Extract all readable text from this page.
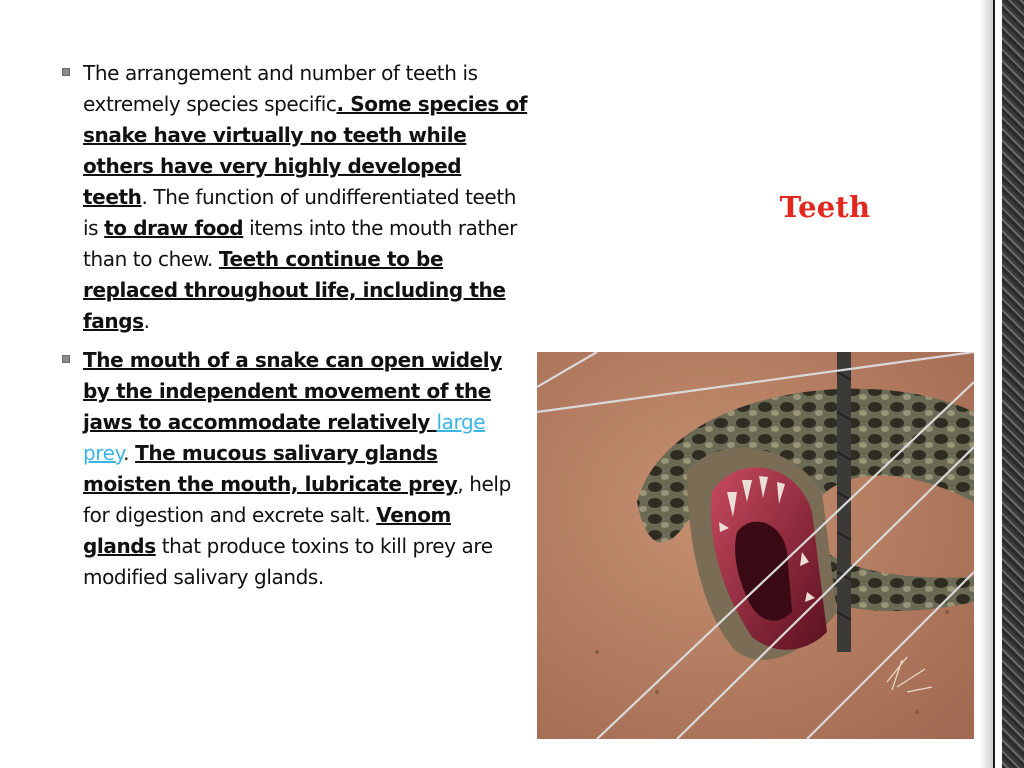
The arrangement and number of teeth is extremely species specific. Some species of snake have virtually no teeth while others have very highly developed teeth. The function of undifferentiated teeth is to draw food items into the mouth rather than to chew. Teeth continue to be replaced throughout life, including the fangs.
The mouth of a snake can open widely by the independent movement of the jaws to accommodate relatively large prey. The mucous salivary glands moisten the mouth, lubricate prey, help for digestion and excrete salt. Venom glands that produce toxins to kill prey are modified salivary glands.
Teeth
